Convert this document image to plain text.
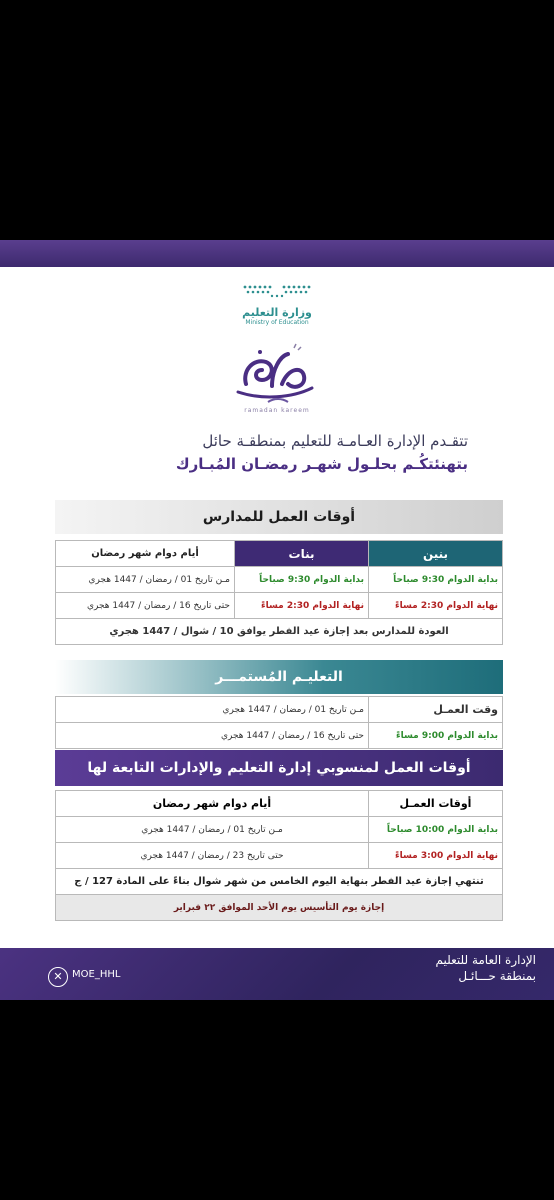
وزارة التعليم
Ministry of Education
ramadan kareem
تتقـدم الإدارة العـامـة للتعليم بمنطقـة حائل
بتهنئتكُـم بحلـول شهـر رمضـان المُبـارك
أوقات العمل للمدارس
بنين	بنات	أيام دوام شهر رمضان
بداية الدوام 9:30 صباحاً	بداية الدوام 9:30 صباحاً	مـن تاريخ 01 / رمضان / 1447 هجري
نهاية الدوام 2:30 مساءً	نهاية الدوام 2:30 مساءً	حتى تاريخ 16 / رمضان / 1447 هجري
العودة للمدارس بعد إجازة عيد الفطر يوافق 10 / شوال / 1447 هجري		
التعليـم المُستمـــر
وقت العمـل	مـن تاريخ 01 / رمضان / 1447 هجري
بداية الدوام 9:00 مساءً	حتى تاريخ 16 / رمضان / 1447 هجري
أوقات العمل لمنسوبي إدارة التعليم والإدارات التابعة لها
أوقات العمـل	أيام دوام شهر رمضان
بداية الدوام 10:00 صباحاً	مـن تاريخ 01 / رمضان / 1447 هجري
نهاية الدوام 3:00 مساءً	حتى تاريخ 23 / رمضان / 1447 هجري
تنتهي إجازة عيد الفطر بنهاية اليوم الخامس من شهر شوال بناءً على المادة 127 / ج	
إجازة يوم التأسيس يوم الأحد الموافق ٢٢ فبراير	
الإدارة العامة للتعليم
بمنطقة حـــائـل
✕ MOE_HHL
